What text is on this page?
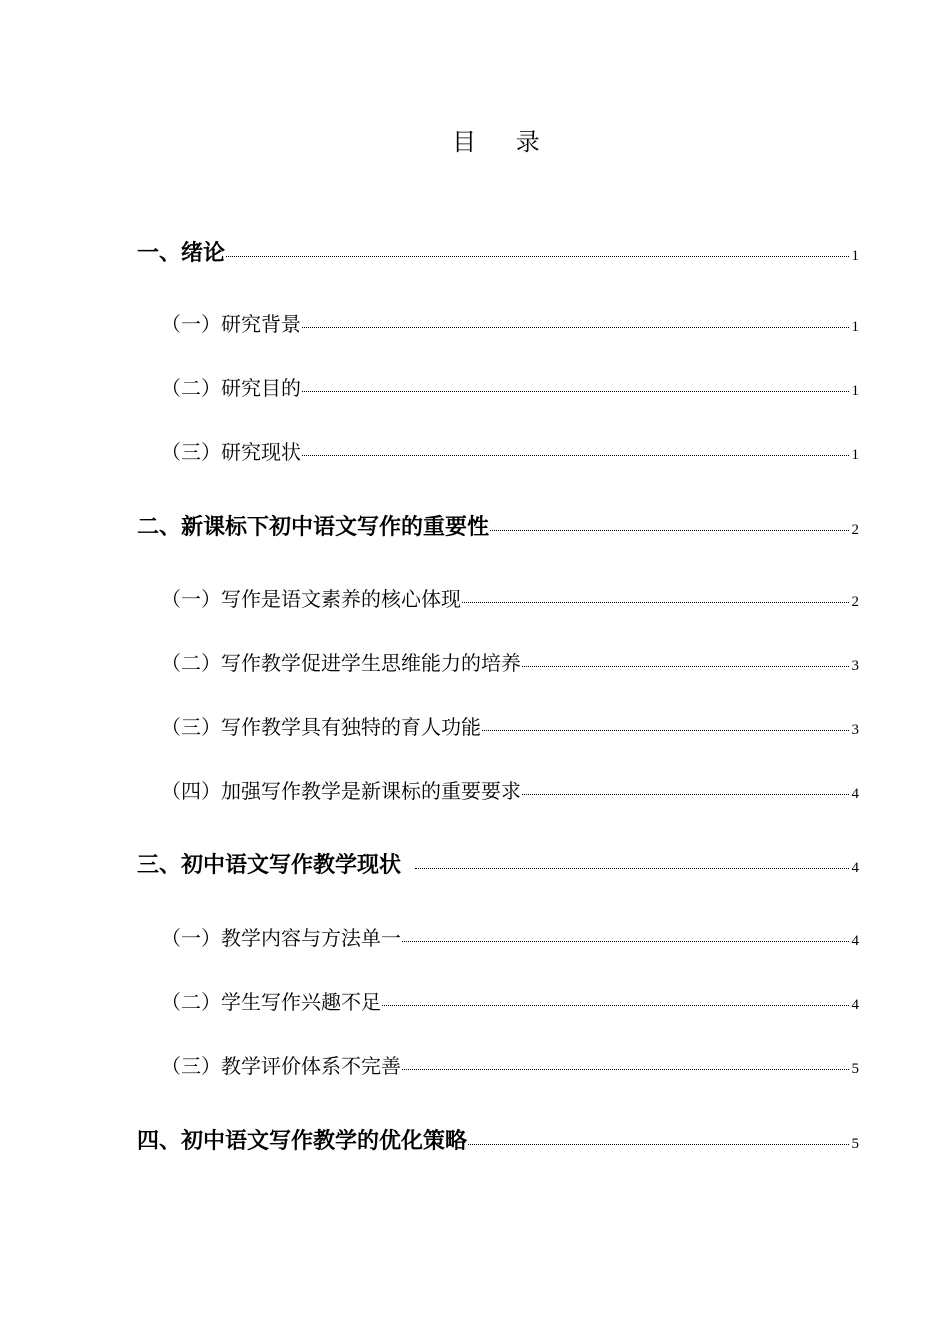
目 录
一、绪论	1
（一）研究背景	1
（二）研究目的	1
（三）研究现状	1
二、新课标下初中语文写作的重要性	2
（一）写作是语文素养的核心体现	2
（二）写作教学促进学生思维能力的培养	3
（三）写作教学具有独特的育人功能	3
（四）加强写作教学是新课标的重要要求	4
三、初中语文写作教学现状	4
（一）教学内容与方法单一	4
（二）学生写作兴趣不足	4
（三）教学评价体系不完善	5
四、初中语文写作教学的优化策略	5
